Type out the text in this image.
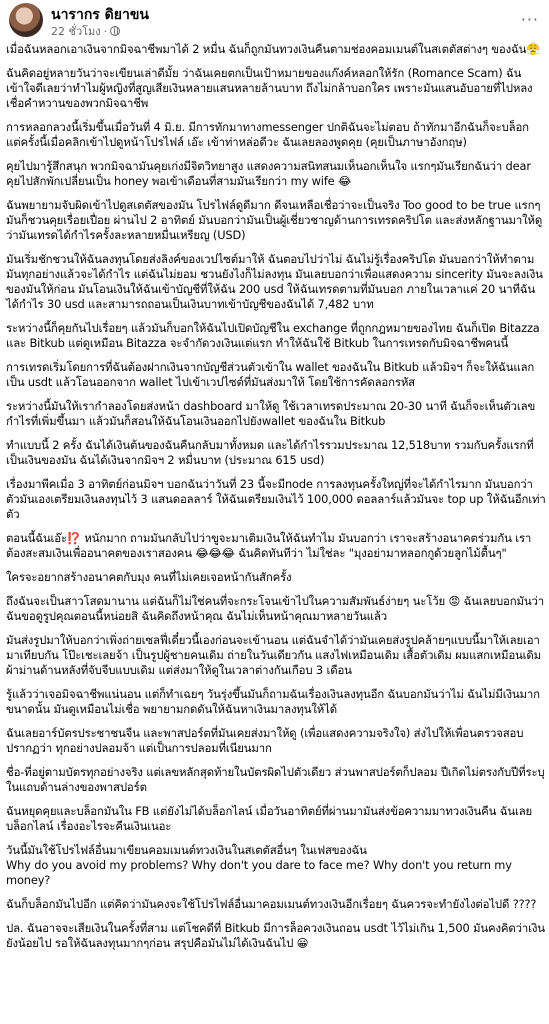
นารากร ดิยาขน
22 ชั่วโมง ·
···

เมื่อฉันหลอกเอาเงินจากมิจฉาชีพมาได้ 2 หมื่น ฉันก็ถูกมันทวงเงินคืนตามช่องคอมเมนต์ในสเตตัสต่างๆ ของฉัน😤

ฉันคิดอยู่หลายวันว่าจะเขียนเล่าดีมั้ย ว่าฉันเคยตกเป็นเป้าหมายของแก๊งค์หลอกให้รัก (Romance Scam) ฉันเข้าใจดีเลยว่าทำไมผู้หญิงที่สูญเสียเงินหลายแสนหลายล้านบาท ถึงไม่กล้าบอกใคร เพราะมันแสนอับอายที่ไปหลงเชื่อคำหวานของพวกมิจฉาชีพ

การหลอกลวงนี้เริ่มขึ้นเมื่อวันที่ 4 มิ.ย. มีการทักมาทางmessenger ปกติฉันจะไม่ตอบ ถ้าทักมาอีกฉันก็จะบล็อก แต่ครั้งนี้เมื่อคลิกเข้าไปดูหน้าโปรไฟล์ เอ๊ะ เข้าท่าหล่อดีวะ ฉันเลยลองพูดคุย (คุยเป็นภาษาอังกฤษ)

คุยไปมารู้สึกสนุก พวกมิจฉามันคุยเก่งมีจิตวิทยาสูง แสดงความสนิทสนมเห็นอกเห็นใจ แรกๆมันเรียกฉันว่า dear คุยไปสักพักเปลี่ยนเป็น honey พอเข้าเดือนที่สามมันเรียกว่า my wife 😂

ฉันพยายามจับผิดเข้าไปดูสเตตัสของมัน โปรไฟล์ดูดีมาก ดีจนเหลือเชื่อว่าจะเป็นจริง Too good to be true แรกๆมันก็ชวนคุยเรื่อยเปื่อย ผ่านไป 2 อาทิตย์ มันบอกว่ามันเป็นผู้เชี่ยวชาญด้านการเทรดคริปโต และส่งหลักฐานมาให้ดูว่ามันเทรดได้กำไรครั้งละหลายหมื่นเหรียญ (USD)

มันเริ่มชักชวนให้ฉันลงทุนโดยส่งลิงค์ของเวปไซต์มาให้ ฉันตอบไปว่าไม่ ฉันไม่รู้เรื่องคริปโต มันบอกว่าให้ทำตามมันทุกอย่างแล้วจะได้กำไร แต่ฉันไม่ยอม ชวนยังไงก็ไม่ลงทุน มันเลยบอกว่าเพื่อแสดงความ sincerity มันจะลงเงินของมันให้ก่อน มันโอนเงินให้ฉันเข้าบัญชีที่ให้ฉัน 200 usd ให้ฉันเทรดตามที่มันบอก ภายในเวลาแค่ 20 นาทีฉันได้กำไร 30 usd และสามารถถอนเป็นเงินบาทเข้าบัญชีของฉันได้ 7,482 บาท

ระหว่างนี้ก็คุยกันไปเรื่อยๆ แล้วมันก็บอกให้ฉันไปเปิดบัญชีใน exchange ที่ถูกกฎหมายของไทย ฉันก็เปิด Bitazza และ Bitkub แต่ดูเหมือน Bitazza จะจำกัดวงเงินแต่แรก ทำให้ฉันใช้ Bitkub ในการเทรดกับมิจฉาชีพคนนี้

การเทรดเริ่มโดยการที่ฉันต้องฝากเงินจากบัญชีส่วนตัวเข้าใน wallet ของฉันใน Bitkub แล้วมิจฯ ก็จะให้ฉันแลกเป็น usdt แล้วโอนออกจาก wallet ไปเข้าเวปไซต์ที่มันส่งมาให้ โดยใช้การคัดลอกรหัส

ระหว่างนี้มันให้เรากำลองโดยส่งหน้า dashboard มาให้ดู ใช้เวลาเทรดประมาณ 20-30 นาที ฉันก็จะเห็นตัวเลขกำไรที่เพิ่มขึ้นมา แล้วมันก็สอนให้ฉันโอนเงินออกไปยังwallet ของฉันใน Bitkub

ทำแบบนี้ 2 ครั้ง ฉันได้เงินต้นของฉันคืนกลับมาทั้งหมด และได้กำไรรวมประมาณ 12,518บาท รวมกับครั้งแรกที่เป็นเงินของมัน ฉันได้เงินจากมิจฯ 2 หมื่นบาท (ประมาณ 615 usd)

เรื่องมาพีคเมื่อ 3 อาทิตย์ก่อนมิจฯ บอกฉันว่าวันที่ 23 นี้จะมีnode การลงทุนครั้งใหญ่ที่จะได้กำไรมาก มันบอกว่าตัวมันเองเตรียมเงินลงทุนไว้ 3 แสนดอลลาร์ ให้ฉันเตรียมเงินไว้ 100,000 ดอลลาร์แล้วมันจะ top up ให้ฉันอีกเท่าตัว

ตอนนี้ฉันเอ๊ะ⁉️ หนักมาก ถามมันกลับไปว่าขูจะมาเติมเงินให้ฉันทำไม มันบอกว่า เราจะสร้างอนาคตร่วมกัน เราต้องสะสมเงินเพื่ออนาคตของเราสองคน 😂😂😂 ฉันคิดทันทีว่า ไม่ใช่ละ "มุงอย่ามาหลอกกูด้วยลูกไม้ตื้นๆ"

ใครจะอยากสร้างอนาคตกับมุง คนที่ไม่เคยเจอหน้ากันสักครั้ง

ถึงฉันจะเป็นสาวโสดมานาน แต่ฉันก็ไม่ใช่คนที่จะกระโจนเข้าไปในความสัมพันธ์ง่ายๆ นะโว้ย 😡 ฉันเลยบอกมันว่าฉันขอดูรูปคุณตอนนี้หน่อยสิ ฉันคิดถึงหน้าคุณ ฉันไม่เห็นหน้าคุณมาหลายวันแล้ว

มันส่งรูปมาให้บอกว่าเพิ่งถ่ายเซลฟี่เดี๋ยวนี้เองก่อนจะเข้านอน แต่ฉันจำได้ว่ามันเคยส่งรูปคล้ายๆแบบนี้มาให้เลยเอามาเทียบกัน โป๊ะเชะเลยจ้า เป็นรูปผู้ชายคนเดิม ถ่ายในวันเดียวกัน แสงไฟเหมือนเดิม เสื้อตัวเดิม ผมแสกเหมือนเดิม ผ้าม่านด้านหลังที่จับจีบแบบเดิม แต่ส่งมาให้ดูในเวลาต่างกันเกือบ 3 เดือน

รู้แล้วว่าเจอมิจฉาชีพแน่นอน แต่ก็ทำเฉยๆ วันรุ่งขึ้นมันก็ถามฉันเรื่องเงินลงทุนอีก ฉันบอกมันว่าไม่ ฉันไม่มีเงินมากขนาดนั้น มันดูเหมือนไม่เชื่อ พยายามกดดันให้ฉันหาเงินมาลงทุนให้ได้

ฉันเลยอาร์บัตรประชาชนจีน และพาสปอร์ตที่มันเคยส่งมาให้ดู (เพื่อแสดงความจริงใจ) ส่งไปให้เพื่อนตรวจสอบ ปรากฏว่า ทุกอย่างปลอมจ้า แต่เป็นการปลอมที่เนียนมาก

ชื่อ-ที่อยู่ตามบัตรทุกอย่างจริง แต่เลขหลักสุดท้ายในบัตรผิดไปตัวเดียว ส่วนพาสปอร์ตก็ปลอม ปีเกิดไม่ตรงกับปีที่ระบุในแถบด้านล่างของพาสปอร์ต

ฉันหยุดคุยและบล็อกมันใน FB แต่ยังไม่ได้บล็อกไลน์ เมื่อวันอาทิตย์ที่ผ่านมามันส่งข้อความมาทวงเงินคืน ฉันเลยบล็อกไลน์ เรื่องอะไรจะคืนเงินเนอะ

วันนี้มันใช้โปรไฟล์อื่นมาเขียนคอมเมนต์ทวงเงินในสเตตัสอื่นๆ ในเฟสของฉัน
Why do you avoid my problems? Why don't you dare to face me? Why don't you return my money?

ฉันก็บล็อกมันไปอีก แต่คิดว่ามันคงจะใช้โปรไฟล์อื่นมาคอมเมนต์ทวงเงินอีกเรื่อยๆ ฉันควรจะทำยังไงต่อไปดี ????

ปล. ฉันอาจจะเสียเงินในครั้งที่สาม แต่โชคดีที่ Bitkub มีการล็อควงเงินถอน usdt ไว้ไม่เกิน 1,500 มันคงคิดว่าเงินยังน้อยไป รอให้ฉันลงทุนมากๆก่อน สรุปคือมันไม่ได้เงินฉันไป 😀
